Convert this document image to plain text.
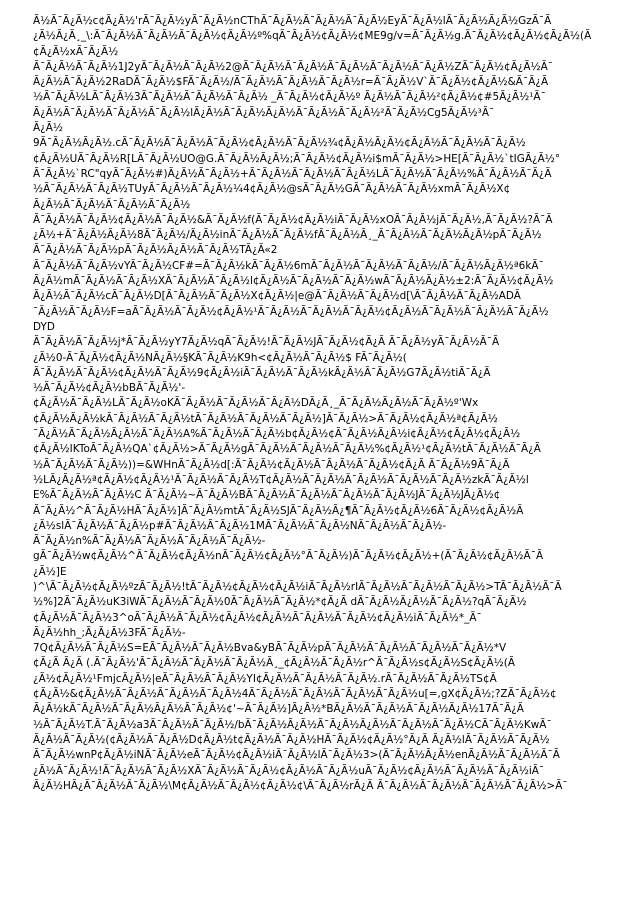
Ã½Ã¯Ã¿Ã½c¢Ã¿Ã½'rÃ¯Ã¿Ã½yÃ¯Ã¿Ã½nCThÃ¯Ã¿Ã½Ã¯Ã¿Ã½Ã¯Ã¿Ã½EyÃ¯Ã¿Ã½lÃ¯Ã¿Ã½Ã¿Ã½GzÃ¯Ã
¿Ã½Ã¿Ã¸_\:Ã¯Ã¿Ã½Ã¯Ã¿Ã½Ã¯Ã¿Ã½¢Ã¿Ã½º%qÃ¯Ã¿Ã½¢Ã¿Ã½¢ME9g/v=Ã¯Ã¿Ã½g.Ã¯Ã¿Ã½¢Ã¿Ã½¢Ã¿Ã½(Ã
¢Ã¿Ã½xÃ¯Ã¿Ã½
Ã¯Ã¿Ã½Ã¯Ã¿Ã½1J2yÃ¯Ã¿Ã½Ã¯Ã¿Ã½2@Ã¯Ã¿Ã½Ã¯Ã¿Ã½Ã¯Ã¿Ã½Ã¯Ã¿Ã½Ã¯Ã¿Ã½ZÃ¯Ã¿Ã½¢Ã¿Ã½Ã¯
Ã¿Ã½Ã¯Ã¿Ã½2RaDÃ¯Ã¿Ã½$FÃ¯Ã¿Ã½/Ã¯Ã¿Ã½Ã¯Ã¿Ã½Ã¯Ã¿Ã½r=Ã¯Ã¿Ã½V`Ã¯Ã¿Ã½¢Ã¿Ã½&Ã¯Ã¿Ã
½Ã¯Ã¿Ã½LÃ¯Ã¿Ã½3Ã¯Ã¿Ã½Ã¯Ã¿Ã½Ã¯Ã¿Ã½ _Ã¯Ã¿Ã½¢Ã¿Ã½º Ã¿Ã½Ã¯Ã¿Ã½²¢Ã¿Ã½¢#5Ã¿Ã½¹Ã¯
Ã¿Ã½Ã¯Ã¿Ã½Ã¯Ã¿Ã½Ã¯Ã¿Ã½lÃ¿Ã½Ã¯Ã¿Ã½Ã¿Ã½Ã¯Ã¿Ã½Ã¯Ã¿Ã½²Ã¯Ã¿Ã½Cg5Ã¿Ã½³Ã¯
Ã¿Ã½
9Ã¯Ã¿Ã½Ã¿Ã½.cÃ¯Ã¿Ã½Ã¯Ã¿Ã½Ã¯Ã¿Ã½¢Ã¿Ã½Ã¯Ã¿Ã½¾¢Ã¿Ã½Ã¿Ã½¢Ã¿Ã½Ã¯Ã¿Ã½Ã¯Ã¿Ã½
¢Ã¿Ã½UÃ¯Ã¿Ã½R[LÃ¯Ã¿Ã½UO@G.Ã¯Ã¿Ã½Ã¿Ã½;Ã¯Ã¿Ã½¢Ã¿Ã½i$mÃ¯Ã¿Ã½>HE[Ã¯Ã¿Ã½`tIGÃ¿Ã½°
Ã¯Ã¿Ã½`RC"qyÃ¯Ã¿Ã½#)Ã¿Ã½Ã¯Ã¿Ã½+Ã¯Ã¿Ã½Ã¯Ã¿Ã½Ã¯Ã¿Ã½LÃ¯Ã¿Ã½Ã¯Ã¿Ã½%Ã¯Ã¿Ã½Ã¯Ã¿Ã
½Ã¯Ã¿Ã½Ã¯Ã¿Ã½TUyÃ¯Ã¿Ã½Ã¯Ã¿Ã½¼4¢Ã¿Ã½@sÃ¯Ã¿Ã½GÃ¯Ã¿Ã½Ã¯Ã¿Ã½xmÃ¯Ã¿Ã½X¢
Ã¿Ã½Ã¯Ã¿Ã½Ã¯Ã¿Ã½Ã¯Ã¿Ã½
Ã¯Ã¿Ã½Ã¯Ã¿Ã½¢Ã¿Ã½Ã¯Ã¿Ã½&Ã¯Ã¿Ã½f(Ã¯Ã¿Ã½¢Ã¿Ã½iÃ¯Ã¿Ã½xOÃ¯Ã¿Ã½jÃ¯Ã¿Ã½,Ã¯Ã¿Ã½?Ã¯Ã
¿Ã½+Ã¯Ã¿Ã½Ã¿Ã½8Ã¯Ã¿Ã½/Ã¿Ã½inÃ¯Ã¿Ã½Ã¯Ã¿Ã½fÃ¯Ã¿Ã½Ã¸_Ã¯Ã¿Ã½Ã¯Ã¿Ã½Ã¿Ã½pÃ¯Ã¿Ã½
Ã¯Ã¿Ã½Ã¯Ã¿Ã½pÃ¯Ã¿Ã½Ã¿Ã½Ã¯Ã¿Ã½TÃ¿Ã«2
Ã¯Ã¿Ã½Ã¯Ã¿Ã½vYÃ¯Ã¿Ã½CF#=Ã¯Ã¿Ã½kÃ¯Ã¿Ã½6mÃ¯Ã¿Ã½Ã¯Ã¿Ã½Ã¯Ã¿Ã½/Ã¯Ã¿Ã½Ã¿Ã½ª6kÃ¯
Ã¿Ã½mÃ¯Ã¿Ã½Ã¯Ã¿Ã½XÃ¯Ã¿Ã½Ã¯Ã¿Ã½l¢Ã¿Ã½Ã¯Ã¿Ã½Ã¯Ã¿Ã½wÃ¯Ã¿Ã½Ã¿Ã½±2:Ã¯Ã¿Ã½¢Ã¿Ã½
Ã¿Ã½Ã¯Ã¿Ã½cÃ¯Ã¿Ã½D[Ã¯Ã¿Ã½Ã¯Ã¿Ã½X¢Ã¿Ã½|e@Ã¯Ã¿Ã½Ã¯Ã¿Ã½d[\Ã¯Ã¿Ã½Ã¯Ã¿Ã½ADÃ
¯Ã¿Ã½Ã¯Ã¿Ã½F=aÃ¯Ã¿Ã½Ã¯Ã¿Ã½¢Ã¿Ã½¹Ã¯Ã¿Ã½Ã¯Ã¿Ã½Ã¯Ã¿Ã½¢Ã¿Ã½Ã¯Ã¿Ã½Ã¯Ã¿Ã½Ã¯Ã¿Ã½
DYD
Ã¯Ã¿Ã½Ã¯Ã¿Ã½j*Ã¯Ã¿Ã½yY7Ã¿Ã½qÃ¯Ã¿Ã½!Ã¯Ã¿Ã½JÃ¯Ã¿Ã½¢Ã¿Ã Ã¯Ã¿Ã½yÃ¯Ã¿Ã½Ã¯Ã
¿Ã½0-Ã¯Ã¿Ã½¢Ã¿Ã½NÃ¿Ã½§KÃ¯Ã¿Ã½K9h<¢Ã¿Ã½Ã¯Ã¿Ã½$ FÃ¯Ã¿Ã½(
Ã¯Ã¿Ã½Ã¯Ã¿Ã½¢Ã¿Ã½Ã¯Ã¿Ã½9¢Ã¿Ã½iÃ¯Ã¿Ã½Ã¯Ã¿Ã½kÃ¿Ã½Ã¯Ã¿Ã½G7Ã¿Ã½tiÃ¯Ã¿Ã
½Ã¯Ã¿Ã½¢Ã¿Ã½bBÃ¯Ã¿Ã½'-
¢Ã¿Ã½Ã¯Ã¿Ã½LÃ¯Ã¿Ã½oKÃ¯Ã¿Ã½Ã¯Ã¿Ã½Ã¯Ã¿Ã½DÃ¿Ã¸_Ã¯Ã¿Ã½Ã¿Ã½Ã¯Ã¿Ã½º'Wx
¢Ã¿Ã½Ã¿Ã½kÃ¯Ã¿Ã½Ã¯Ã¿Ã½tÃ¯Ã¿Ã½Ã¯Ã¿Ã½Ã¯Ã¿Ã½]Ã¯Ã¿Ã½>Ã¯Ã¿Ã½¢Ã¿Ã½ª¢Ã¿Ã½
¯Ã¿Ã½Ã¯Ã¿Ã½Ã¿Ã½Ã¯Ã¿Ã½A%Ã¯Ã¿Ã½Ã¯Ã¿Ã½b¢Ã¿Ã½¢Ã¯Ã¿Ã½Ã¿Ã½i¢Ã¿Ã½¢Ã¿Ã½¢Ã¿Ã½
¢Ã¿Ã½IKToÃ¯Ã¿Ã½QA`¢Ã¿Ã½>Ã¯Ã¿Ã½gÃ¯Ã¿Ã½Ã¯Ã¿Ã½Ã¯Ã¿Ã½%¢Ã¿Ã½¹¢Ã¿Ã½tÃ¯Ã¿Ã½Ã¯Ã¿Ã
½Ã¯Ã¿Ã½Ã¯Ã¿Ã½))=&WHnÃ¯Ã¿Ã½d[:Ã¯Ã¿Ã½¢Ã¿Ã½Ã¯Ã¿Ã½Ã¯Ã¿Ã½¢Ã¿Ã Ã¯Ã¿Ã½9Ã¯Ã¿Ã
½LÃ¿Ã¿Ã½ª¢Ã¿Ã½¢Ã¿Ã½¹Ã¯Ã¿Ã½Ã¯Ã¿Ã½T¢Ã¿Ã½Ã¯Ã¿Ã½Ã¯Ã¿Ã½Ã¯Ã¿Ã½Ã¯Ã¿Ã½zkÃ¯Ã¿Ã½l
E%Ã¯Ã¿Ã½Ã¯Ã¿Ã½C Ã¯Ã¿Ã½~Ã¯Ã¿Ã½BÃ¯Ã¿Ã½Ã¯Ã¿Ã½Ã¯Ã¿Ã½Ã¯Ã¿Ã½JÃ¯Ã¿Ã½JÃ¿Ã½¢
Ã¯Ã¿Ã½^Ã¯Ã¿Ã½HÃ¯Ã¿Ã½]Ã¯Ã¿Ã½mtÃ¯Ã¿Ã½SJÃ¯Ã¿Ã½Ã¿¶Ã¯Ã¿Ã½¢Ã¿Ã½6Ã¯Ã¿Ã½¢Ã¿Ã½Ã
¿Ã½slÃ¯Ã¿Ã½Ã¯Ã¿Ã½p#Ã¯Ã¿Ã½Ã¯Ã¿Ã½1MÃ¯Ã¿Ã½Ã¯Ã¿Ã½NÃ¯Ã¿Ã½Ã¯Ã¿Ã½-
Ã¯Ã¿Ã½n%Ã¯Ã¿Ã½Ã¯Ã¿Ã½Ã¯Ã¿Ã½Ã¯Ã¿Ã½-
gÃ¯Ã¿Ã½w¢Ã¿Ã½^Ã¯Ã¿Ã½¢Ã¿Ã½nÃ¯Ã¿Ã½¢Ã¿Ã½°Ã¯Ã¿Ã½)Ã¯Ã¿Ã½¢Ã¿Ã½+(Ã¯Ã¿Ã½¢Ã¿Ã½Ã¯Ã
¿Ã½]E
)^\Ã¯Ã¿Ã½¢Ã¿Ã½ºzÃ¯Ã¿Ã½!tÃ¯Ã¿Ã½¢Ã¿Ã½¢Ã¿Ã½iÃ¯Ã¿Ã½rIÃ¯Ã¿Ã½Ã¯Ã¿Ã½Ã¯Ã¿Ã½>TÃ¯Ã¿Ã½Ã¯Ã
½%]2Ã¯Ã¿Ã½uK3iWÃ¯Ã¿Ã½Ã¯Ã¿Ã½0Ã¯Ã¿Ã½Ã¯Ã¿Ã½*¢Ã¿Ã dÃ¯Ã¿Ã½Ã¿Ã½Ã¯Ã¿Ã½?qÃ¯Ã¿Ã½
¢Ã¿Ã½Ã¯Ã¿Ã½3^oÃ¯Ã¿Ã½Ã¯Ã¿Ã½¢Ã¿Ã½¢Ã¿Ã½Ã¯Ã¿Ã½Ã¯Ã¿Ã½¢Ã¿Ã½iÃ¯Ã¿Ã½*_Ã¯
Ã¿Ã½hh_;Ã¿Ã¿Ã½3FÃ¯Ã¿Ã½-
7Q¢Ã¿Ã½Ã¯Ã¿Ã½S=EÃ¯Ã¿Ã½Ã¯Ã¿Ã½Bva&yBÃ¯Ã¿Ã½pÃ¯Ã¿Ã½Ã¯Ã¿Ã½Ã¯Ã¿Ã½Ã¯Ã¿Ã½*V
¢Ã¿Ã Ã¿Ã (.Ã¯Ã¿Ã½'Ã¯Ã¿Ã½Ã¯Ã¿Ã½Ã¯Ã¿Ã½Ã¸_¢Ã¿Ã½Ã¯Ã¿Ã½r^Ã¯Ã¿Ã½s¢Ã¿Ã½S¢Ã¿Ã½(Ã
¿Ã½¢Ã¿Ã½¹FmjcÃ¿Ã½|eÃ¯Ã¿Ã½Ã¯Ã¿Ã½YI¢Ã¿Ã½Ã¯Ã¿Ã½Ã¯Ã¿Ã½.rÃ¯Ã¿Ã½Ã¯Ã¿Ã½TS¢Ã
¢Ã¿Ã½&¢Ã¿Ã½Ã¯Ã¿Ã½Ã¯Ã¿Ã½Ã¯Ã¿Ã½4Ã¯Ã¿Ã½Ã¯Ã¿Ã½Ã¯Ã¿Ã½Ã¯Ã¿Ã½u[=,gX¢Ã¿Ã½;?ZÃ¯Ã¿Ã½¢
Ã¿Ã½kÃ¯Ã¿Ã½Ã¯Ã¿Ã½Ã¿Ã½Ã¯Ã¿Ã½¢'~Ã¯Ã¿Ã½]Ã¿Ã½*BÃ¿Ã½Ã¯Ã¿Ã½Ã¯Ã¿Ã½Ã¿Ã½17Ã¯Ã¿Ã
½Ã¯Ã¿Ã½T.Ã¯Ã¿Ã½a3Ã¯Ã¿Ã½Ã¯Ã¿Ã½/bÃ¯Ã¿Ã½Ã¿Ã½Ã¯Ã¿Ã½Ã¿Ã½Ã¯Ã¿Ã½Ã¯Ã¿Ã½CÃ¯Ã¿Ã½KwÃ¯
Ã¿Ã½Ã¯Ã¿Ã½(¢Ã¿Ã½Ã¯Ã¿Ã½D¢Ã¿Ã½t¢Ã¿Ã½Ã¯Ã¿Ã½HÃ¯Ã¿Ã½¢Ã¿Ã½°Ã¿Ã Ã¿Ã½lÃ¯Ã¿Ã½Ã¯Ã¿Ã½
Ã¯Ã¿Ã½wnP¢Ã¿Ã½iNÃ¯Ã¿Ã½eÃ¯Ã¿Ã½¢Ã¿Ã½iÃ¯Ã¿Ã½lÃ¯Ã¿Ã½3>(Ã¯Ã¿Ã½Ã¿Ã½enÃ¿Ã½Ã¯Ã¿Ã½Ã¯Ã
¿Ã½Ã¯Ã¿Ã½!Ã¯Ã¿Ã½Ã¯Ã¿Ã½XÃ¯Ã¿Ã½Ã¯Ã¿Ã½¢Ã¿Ã½Ã¯Ã¿Ã½uÃ¯Ã¿Ã½¢Ã¿Ã½Ã¯Ã¿Ã½Ã¯Ã¿Ã½iÃ¯
Ã¿Ã½HÃ¿Ã¯Ã¿Ã½Ã¯Ã¿Ã½\M¢Ã¿Ã½Ã¯Ã¿Ã½¢Ã¿Ã½¢\Ã¯Ã¿Ã½rÃ¿Ã Ã¯Ã¿Ã½Ã¯Ã¿Ã½Ã¯Ã¿Ã½Ã¯Ã¿Ã½>Ã¯
